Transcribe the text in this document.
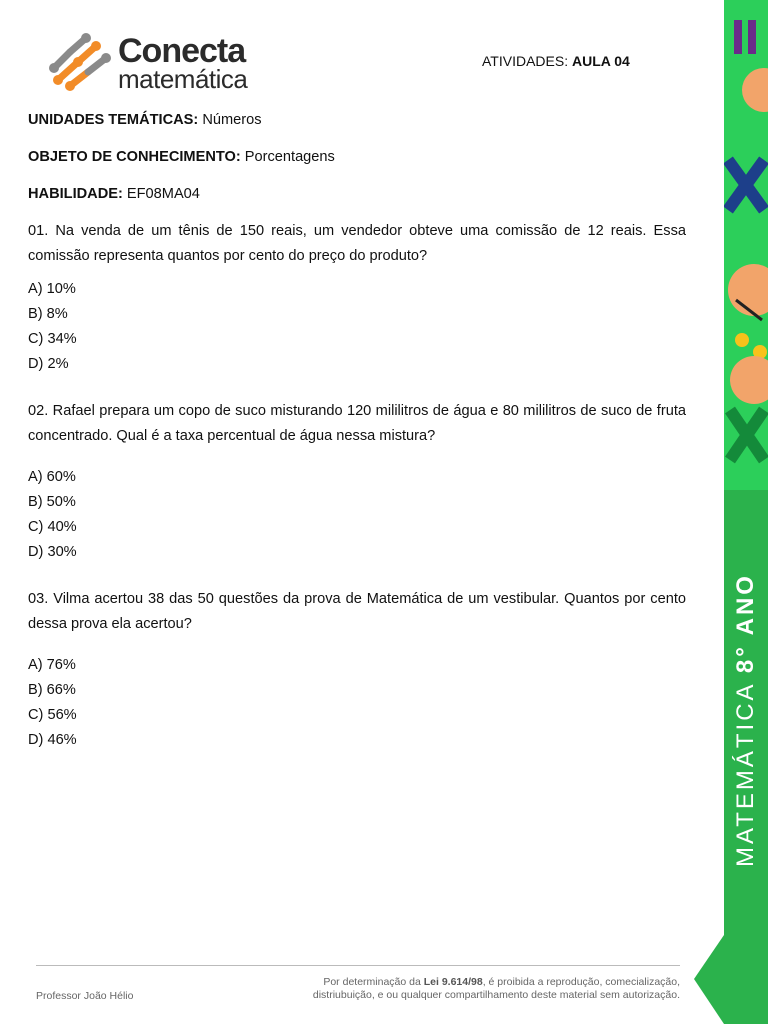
Conecta
matemática
ATIVIDADES: AULA 04

UNIDADES TEMÁTICAS: Números

OBJETO DE CONHECIMENTO: Porcentagens

HABILIDADE: EF08MA04

01. Na venda de um tênis de 150 reais, um vendedor obteve uma comissão de 12 reais. Essa comissão representa quantos por cento do preço do produto?

A) 10%
B) 8%
C) 34%
D) 2%

02. Rafael prepara um copo de suco misturando 120 mililitros de água e 80 mililitros de suco de fruta concentrado. Qual é a taxa percentual de água nessa mistura?

A) 60%
B) 50%
C) 40%
D) 30%

03. Vilma acertou 38 das 50 questões da prova de Matemática de um vestibular. Quantos por cento dessa prova ela acertou?

A) 76%
B) 66%
C) 56%
D) 46%	MATEMÁTICA 8° ANO
Professor João Hélio
Por determinação da Lei 9.614/98, é proibida a reprodução, comecialização,
distriubuição, e ou qualquer compartilhamento deste material sem autorização.
